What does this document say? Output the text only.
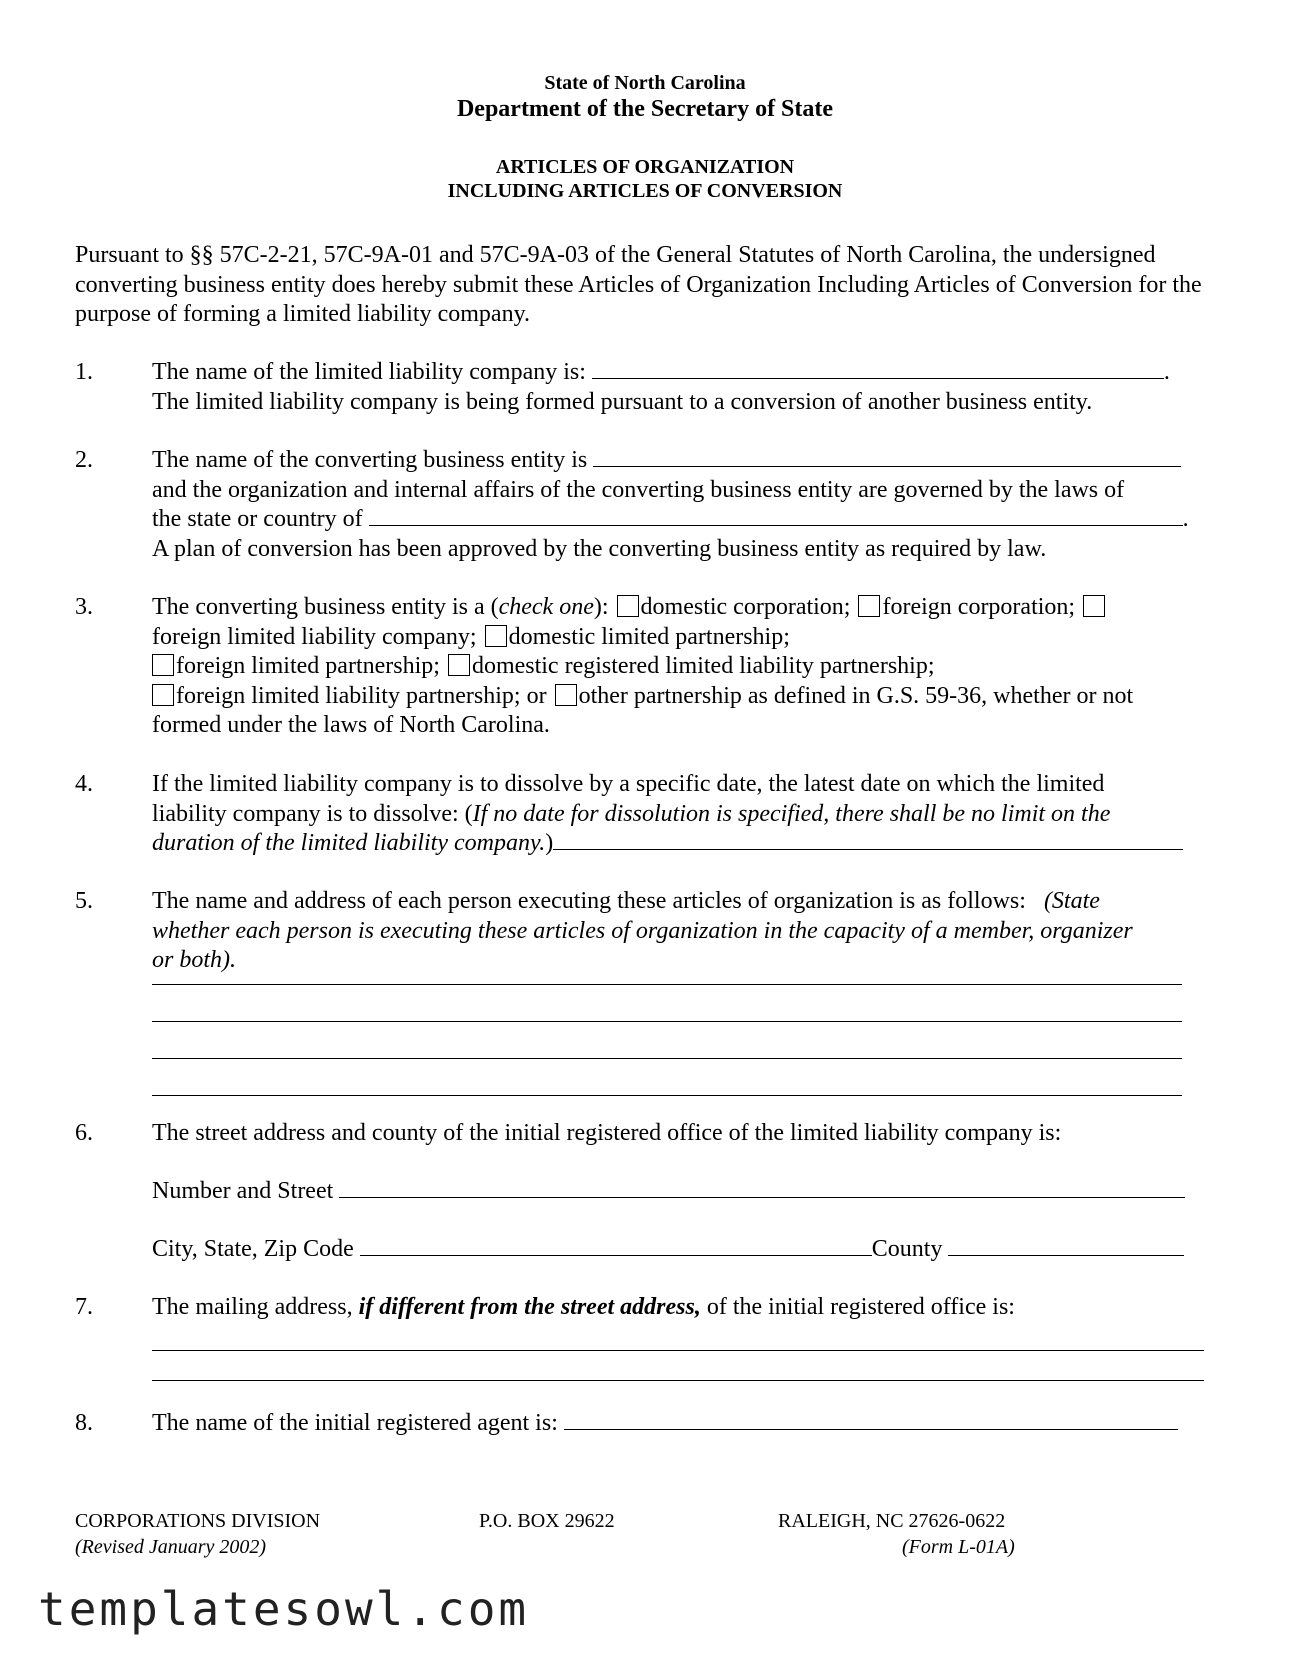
State of North Carolina
Department of the Secretary of State
ARTICLES OF ORGANIZATION
INCLUDING ARTICLES OF CONVERSION

Pursuant to §§ 57C-2-21, 57C-9A-01 and 57C-9A-03 of the General Statutes of North Carolina, the undersigned converting business entity does hereby submit these Articles of Organization Including Articles of Conversion for the purpose of forming a limited liability company.

1. The name of the limited liability company is:	.
The limited liability company is being formed pursuant to a conversion of another business entity.
2. The name of the converting business entity is
and the organization and internal affairs of the converting business entity are governed by the laws of
the state or country of	.
A plan of conversion has been approved by the converting business entity as required by law.
3. The converting business entity is a (check one): domestic corporation; foreign corporation;
foreign limited liability company; domestic limited partnership;
foreign limited partnership; domestic registered limited liability partnership;
foreign limited liability partnership; or other partnership as defined in G.S. 59-36, whether or not
formed under the laws of North Carolina.
4. If the limited liability company is to dissolve by a specific date, the latest date on which the limited
liability company is to dissolve: (If no date for dissolution is specified, there shall be no limit on the
duration of the limited liability company.)
5. The name and address of each person executing these articles of organization is as follows: (State
whether each person is executing these articles of organization in the capacity of a member, organizer
or both).
6. The street address and county of the initial registered office of the limited liability company is:
Number and Street
City, State, Zip Code	County
7. The mailing address, if different from the street address, of the initial registered office is:
8. The name of the initial registered agent is:
CORPORATIONS DIVISION	P.O. BOX 29622	RALEIGH, NC 27626-0622
(Revised January 2002)	(Form L-01A)
templatesowl.com
